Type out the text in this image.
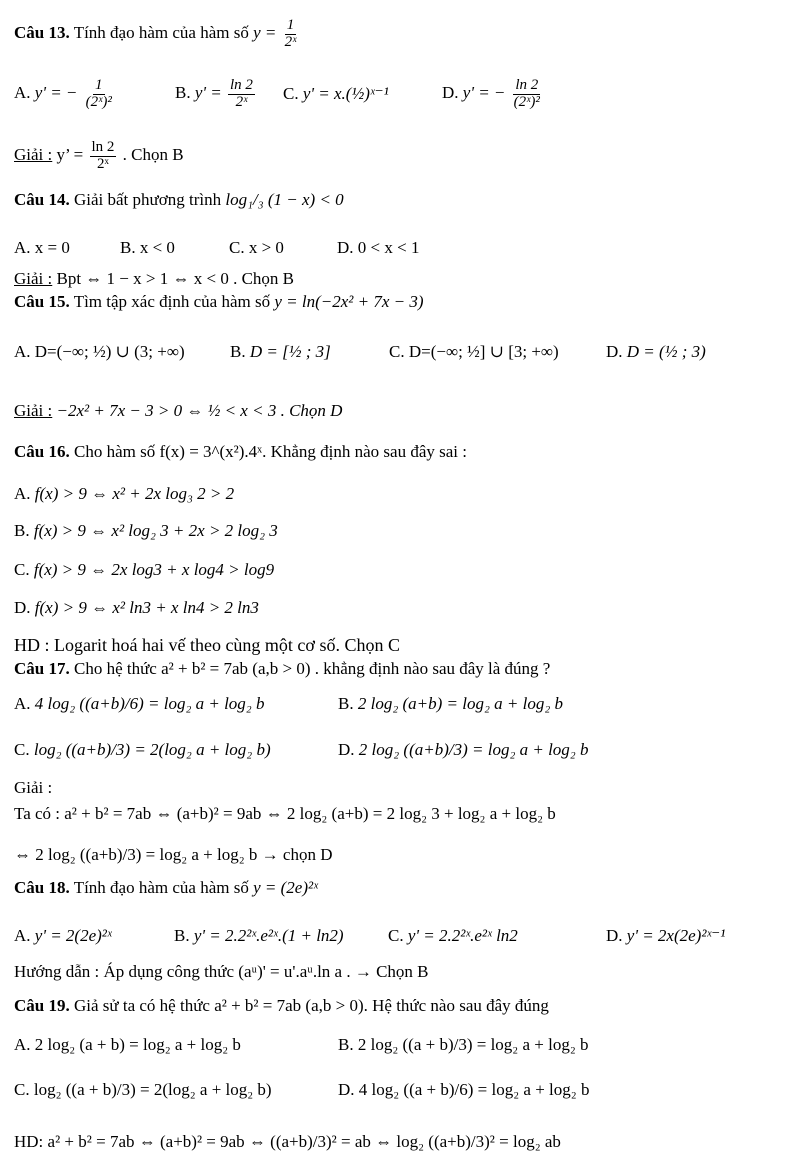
Câu 13. Tính đạo hàm của hàm số $y = \frac{1}{\text{2ˣ}}$
A. y' = − $\frac{1}{\text{(2ˣ)²}}$	B. $y' = \frac{\ln 2}{\text{2ˣ}} C$. y' = x.(½)ˣ⁻¹	D. y' = − $\frac{\ln 2}{\text{(2ˣ)²}}$
Giải : y’ = $\frac{\ln 2}{\text{2ˣ}}$ . Chọn B
Câu 14. Giải bất phương trình log₁/₃ (1 − x) < 0
A. x = 0	B. x < 0	C. x > 0	D. 0 < x < 1
Giải : Bpt ⇔ 1 − x > 1 ⇔ x < 0 . Chọn B
Câu 15. Tìm tập xác định của hàm số y = ln(−2x² + 7x − 3)
A. D=(−∞; ½) ∪ (3; +∞)	B. D = [½ ; 3]	C. D=(−∞; ½] ∪ [3; +∞)	D. D = (½ ; 3)
Giải : −2x² + 7x − 3 > 0 ⇔ ½ < x < 3 . Chọn D
Câu 16. Cho hàm số f(x) = 3^(x²).4ˣ. Khẳng định nào sau đây sai :
A. f(x) > 9 ⇔ x² + 2x log₃ 2 > 2
B. f(x) > 9 ⇔ x² log₂ 3 + 2x > 2 log₂ 3
C. f(x) > 9 ⇔ 2x log3 + x log4 > log9
D. f(x) > 9 ⇔ x² ln3 + x ln4 > 2 ln3
HD : Logarit hoá hai vế theo cùng một cơ số. Chọn C
Câu 17. Cho hệ thức a² + b² = 7ab (a,b > 0) . khẳng định nào sau đây là đúng ?
A. 4 log₂ ((a+b)/6) = log₂ a + log₂ b	B. 2 log₂ (a+b) = log₂ a + log₂ b
C. log₂ ((a+b)/3) = 2(log₂ a + log₂ b)	D. 2 log₂ ((a+b)/3) = log₂ a + log₂ b
Giải :
Ta có : a² + b² = 7ab ⇔ (a+b)² = 9ab ⇔ 2 log₂ (a+b) = 2 log₂ 3 + log₂ a + log₂ b
⇔ 2 log₂ ((a+b)/3) = log₂ a + log₂ b → chọn D
Câu 18. Tính đạo hàm của hàm số y = (2e)²ˣ
A. y' = 2(2e)²ˣ	B. y' = 2.2²ˣ.e²ˣ.(1 + ln2)	C. y' = 2.2²ˣ.e²ˣ ln2	D. y' = 2x(2e)²ˣ⁻¹
Hướng dẫn : Áp dụng công thức (aᵘ)' = u'.aᵘ.ln a . → Chọn B
Câu 19. Giả sử ta có hệ thức a² + b² = 7ab (a,b > 0). Hệ thức nào sau đây đúng
A. 2 log₂ (a + b) = log₂ a + log₂ b	B. 2 log₂ ((a + b)/3) = log₂ a + log₂ b
C. log₂ ((a + b)/3) = 2(log₂ a + log₂ b)	D. 4 log₂ ((a + b)/6) = log₂ a + log₂ b
HD: a² + b² = 7ab ⇔ (a+b)² = 9ab ⇔ ((a+b)/3)² = ab ⇔ log₂ ((a+b)/3)² = log₂ ab
